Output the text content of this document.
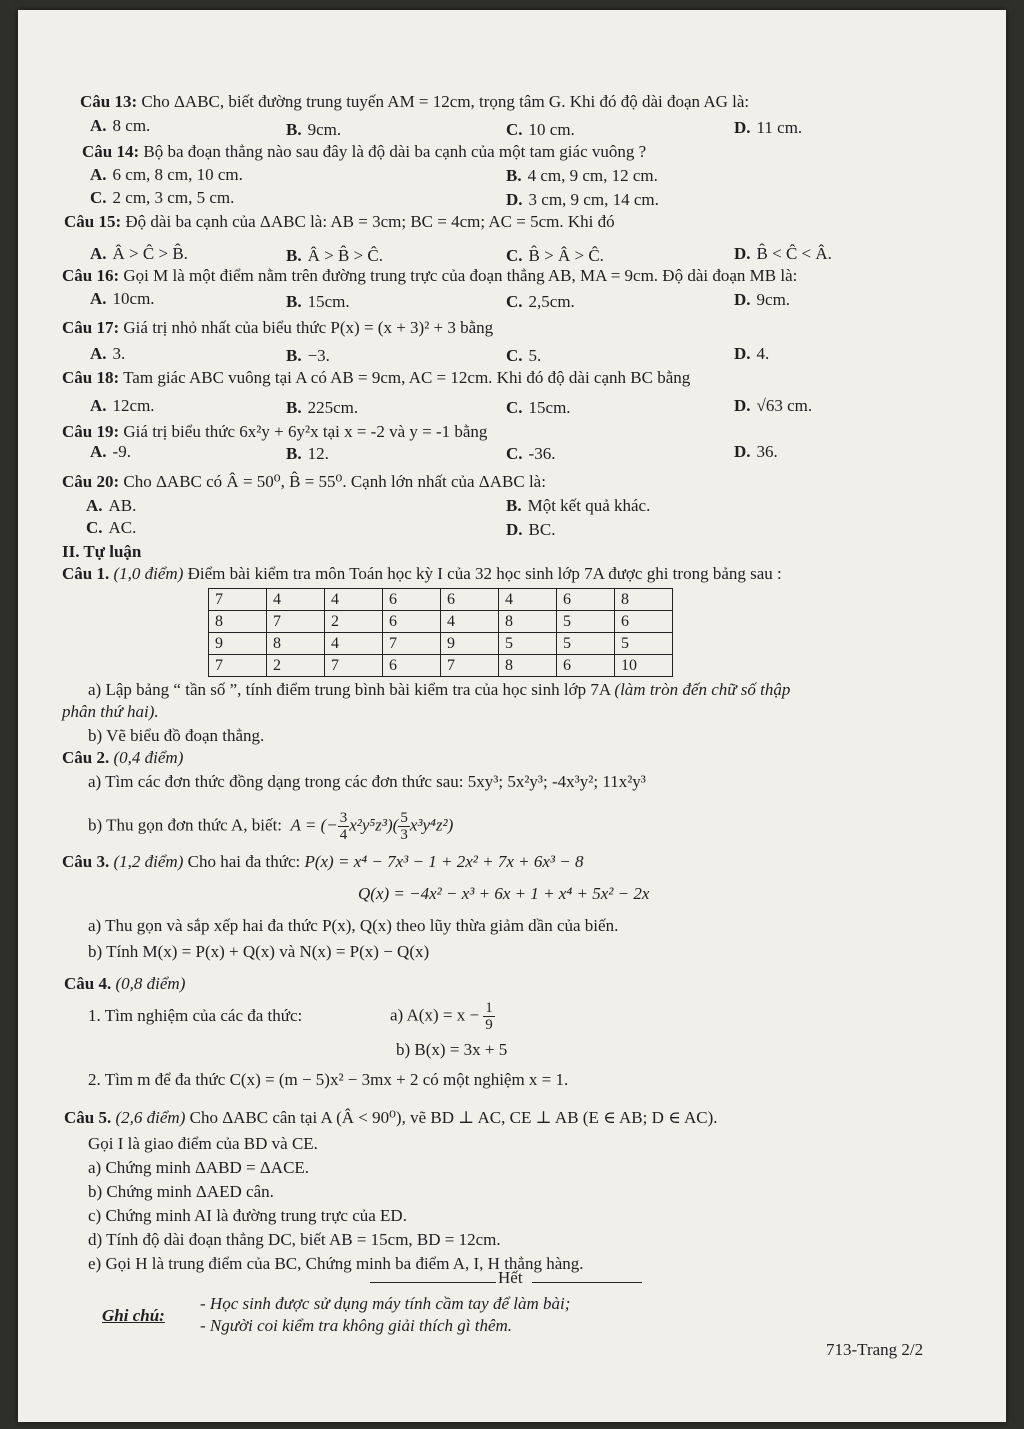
Câu 13: Cho ΔABC, biết đường trung tuyến AM = 12cm, trọng tâm G. Khi đó độ dài đoạn AG là:
A. 8 cm.	B. 9cm.	C. 10 cm.	D. 11 cm.
Câu 14: Bộ ba đoạn thẳng nào sau đây là độ dài ba cạnh của một tam giác vuông ?
A. 6 cm, 8 cm, 10 cm.	B. 4 cm, 9 cm, 12 cm.
C. 2 cm, 3 cm, 5 cm.	D. 3 cm, 9 cm, 14 cm.
Câu 15: Độ dài ba cạnh của ΔABC là: AB = 3cm; BC = 4cm; AC = 5cm. Khi đó
A. Â > Ĉ > B̂.	B. Â > B̂ > Ĉ.	C. B̂ > Â > Ĉ.	D. B̂ < Ĉ < Â.
Câu 16: Gọi M là một điểm nằm trên đường trung trực của đoạn thẳng AB, MA = 9cm. Độ dài đoạn MB là:
A. 10cm.	B. 15cm.	C. 2,5cm.	D. 9cm.
Câu 17: Giá trị nhỏ nhất của biểu thức P(x) = (x + 3)² + 3 bằng
A. 3.	B. −3.	C. 5.	D. 4.
Câu 18: Tam giác ABC vuông tại A có AB = 9cm, AC = 12cm. Khi đó độ dài cạnh BC bằng
A. 12cm.	B. 225cm.	C. 15cm.	D. √63 cm.
Câu 19: Giá trị biểu thức 6x²y + 6y²x tại x = -2 và y = -1 bằng
A. -9.	B. 12.	C. -36.	D. 36.
Câu 20: Cho ΔABC có Â = 50⁰, B̂ = 55⁰. Cạnh lớn nhất của ΔABC là:
A. AB.	B. Một kết quả khác.
C. AC.	D. BC.
II. Tự luận
Câu 1. (1,0 điểm) Điểm bài kiểm tra môn Toán học kỳ I của 32 học sinh lớp 7A được ghi trong bảng sau :
7	4	4	6	6	4	6	8
8	7	2	6	4	8	5	6
9	8	4	7	9	5	5	5
7	2	7	6	7	8	6	10
a) Lập bảng “ tần số ”, tính điểm trung bình bài kiểm tra của học sinh lớp 7A (làm tròn đến chữ số thập
phân thứ hai).
b) Vẽ biểu đồ đoạn thẳng.
Câu 2. (0,4 điểm)
a) Tìm các đơn thức đồng dạng trong các đơn thức sau: 5xy³; 5x²y³; -4x³y²; 11x²y³
b) Thu gọn đơn thức A, biết: A = (− $\frac{3}{4} x^2y^5z^3)( \frac{5}{3} x^3y^4z^2)$
Câu 3. (1,2 điểm) Cho hai đa thức: P(x) = x⁴ − 7x³ − 1 + 2x² + 7x + 6x³ − 8
Q(x) = −4x² − x³ + 6x + 1 + x⁴ + 5x² − 2x
a) Thu gọn và sắp xếp hai đa thức P(x), Q(x) theo lũy thừa giảm dần của biến.
b) Tính M(x) = P(x) + Q(x) và N(x) = P(x) − Q(x)
Câu 4. (0,8 điểm)
1. Tìm nghiệm của các đa thức:	a) $A(x) = x - \frac{1}{9}$
b) B(x) = 3x + 5
2. Tìm m để đa thức C(x) = (m − 5)x² − 3mx + 2 có một nghiệm x = 1.
Câu 5. (2,6 điểm) Cho ΔABC cân tại A (Â < 90⁰), vẽ BD ⊥ AC, CE ⊥ AB (E ∈ AB; D ∈ AC).
Gọi I là giao điểm của BD và CE.
a) Chứng minh ΔABD = ΔACE.
b) Chứng minh ΔAED cân.
c) Chứng minh AI là đường trung trực của ED.
d) Tính độ dài đoạn thẳng DC, biết AB = 15cm, BD = 12cm.
e) Gọi H là trung điểm của BC, Chứng minh ba điểm A, I, H thẳng hàng.
Hết
Ghi chú:
- Học sinh được sử dụng máy tính cầm tay để làm bài;
- Người coi kiểm tra không giải thích gì thêm.
713-Trang 2/2
